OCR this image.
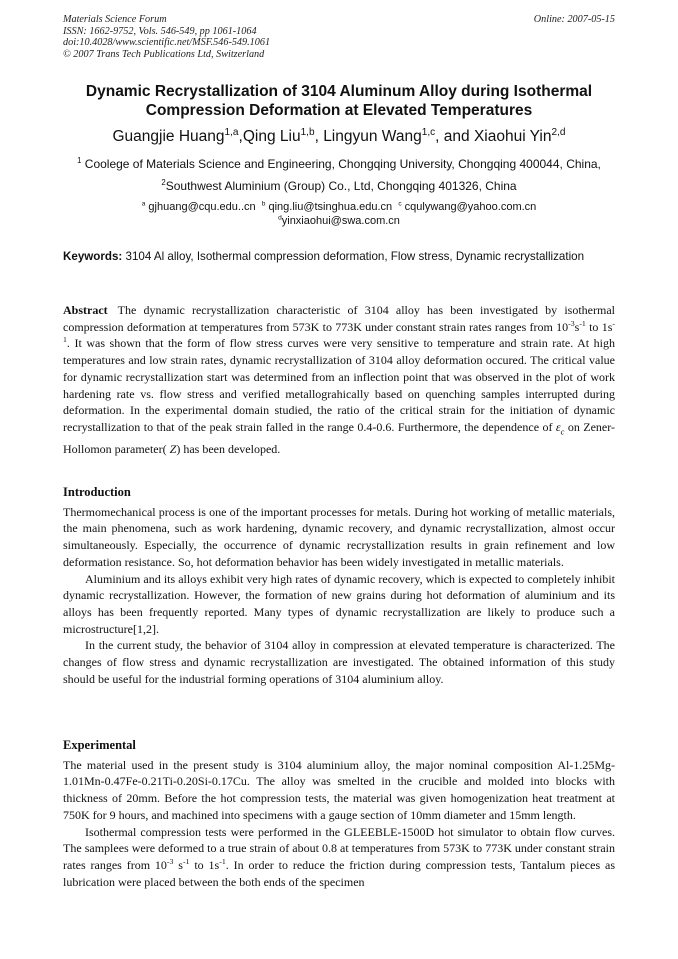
Materials Science Forum
ISSN: 1662-9752, Vols. 546-549, pp 1061-1064
doi:10.4028/www.scientific.net/MSF.546-549.1061
© 2007 Trans Tech Publications Ltd, Switzerland
Online: 2007-05-15
Dynamic Recrystallization of 3104 Aluminum Alloy during Isothermal Compression Deformation at Elevated Temperatures
Guangjie Huang$^{1,a}$,Qing Liu$^{1,b}$, Lingyun Wang$^{1,c}$, and Xiaohui Yin$^{2,d}$
$^1$ Coolege of Materials Science and Engineering, Chongqing University, Chongqing 400044, China,
$^2$Southwest Aluminium (Group) Co., Ltd, Chongqing 401326, China
$^a$ gjhuang@cqu.edu..cn $^b$ qing.liu@tsinghua.edu.cn $^c$ cqulywang@yahoo.com.cn
$^d$yinxiaohui@swa.com.cn
Keywords: 3104 Al alloy, Isothermal compression deformation, Flow stress, Dynamic recrystallization
Abstract The dynamic recrystallization characteristic of 3104 alloy has been investigated by isothermal compression deformation at temperatures from 573K to 773K under constant strain rates ranges from $10^{-3}s^{-1}$ to $1s^{-1}$. It was shown that the form of flow stress curves were very sensitive to temperature and strain rate. At high temperatures and low strain rates, dynamic recrystallization of 3104 alloy deformation occured. The critical value for dynamic recrystallization start was determined from an inflection point that was observed in the plot of work hardening rate vs. flow stress and verified metallograhically based on quenching samples interrupted during deformation. In the experimental domain studied, the ratio of the critical strain for the initiation of dynamic recrystallization to that of the peak strain falled in the range 0.4-0.6. Furthermore, the dependence of $\varepsilon_c$ on Zener-Hollomon parameter( Z) has been developed.
Introduction

Thermomechanical process is one of the important processes for metals. During hot working of metallic materials, the main phenomena, such as work hardening, dynamic recovery, and dynamic recrystallization, almost occur simultaneously. Especially, the occurrence of dynamic recrystallization results in grain refinement and low deformation resistance. So, hot deformation behavior has been widely investigated in metallic materials.

Aluminium and its alloys exhibit very high rates of dynamic recovery, which is expected to completely inhibit dynamic recrystallization. However, the formation of new grains during hot deformation of aluminium and its alloys has been frequently reported. Many types of dynamic recrystallization are likely to produce such a microstructure[1,2].

In the current study, the behavior of 3104 alloy in compression at elevated temperature is characterized. The changes of flow stress and dynamic recrystallization are investigated. The obtained information of this study should be useful for the industrial forming operations of 3104 aluminium alloy.

Experimental

The material used in the present study is 3104 aluminium alloy, the major nominal composition Al-1.25Mg-1.01Mn-0.47Fe-0.21Ti-0.20Si-0.17Cu. The alloy was smelted in the crucible and molded into blocks with thickness of 20mm. Before the hot compression tests, the material was given homogenization heat treatment at 750K for 9 hours, and machined into specimens with a gauge section of 10mm diameter and 15mm length.

Isothermal compression tests were performed in the GLEEBLE-1500D hot simulator to obtain flow curves. The samplees were deformed to a true strain of about 0.8 at temperatures from 573K to 773K under constant strain rates ranges from $10^{-3}$ $s^{-1}$ to $1s^{-1}$. In order to reduce the friction during compression tests, Tantalum pieces as lubrication were placed between the both ends of the specimen
